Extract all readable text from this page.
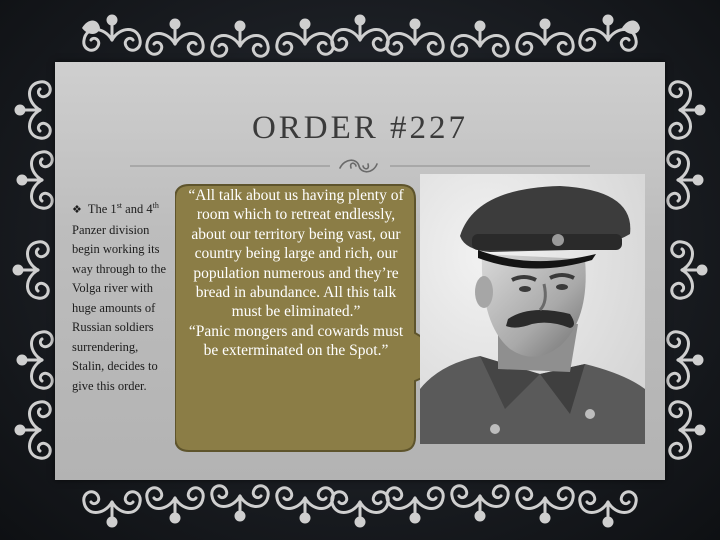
ORDER #227
❖ The 1st and 4th Panzer division begin working its way through to the Volga river with huge amounts of Russian soldiers surrendering, Stalin, decides to give this order.
“All talk about us having plenty of room which to retreat endlessly, about our territory being vast, our country being large and rich, our population numerous and they’re bread in abundance. All this talk must be eliminated.”
“Panic mongers and cowards must be exterminated on the Spot.”
